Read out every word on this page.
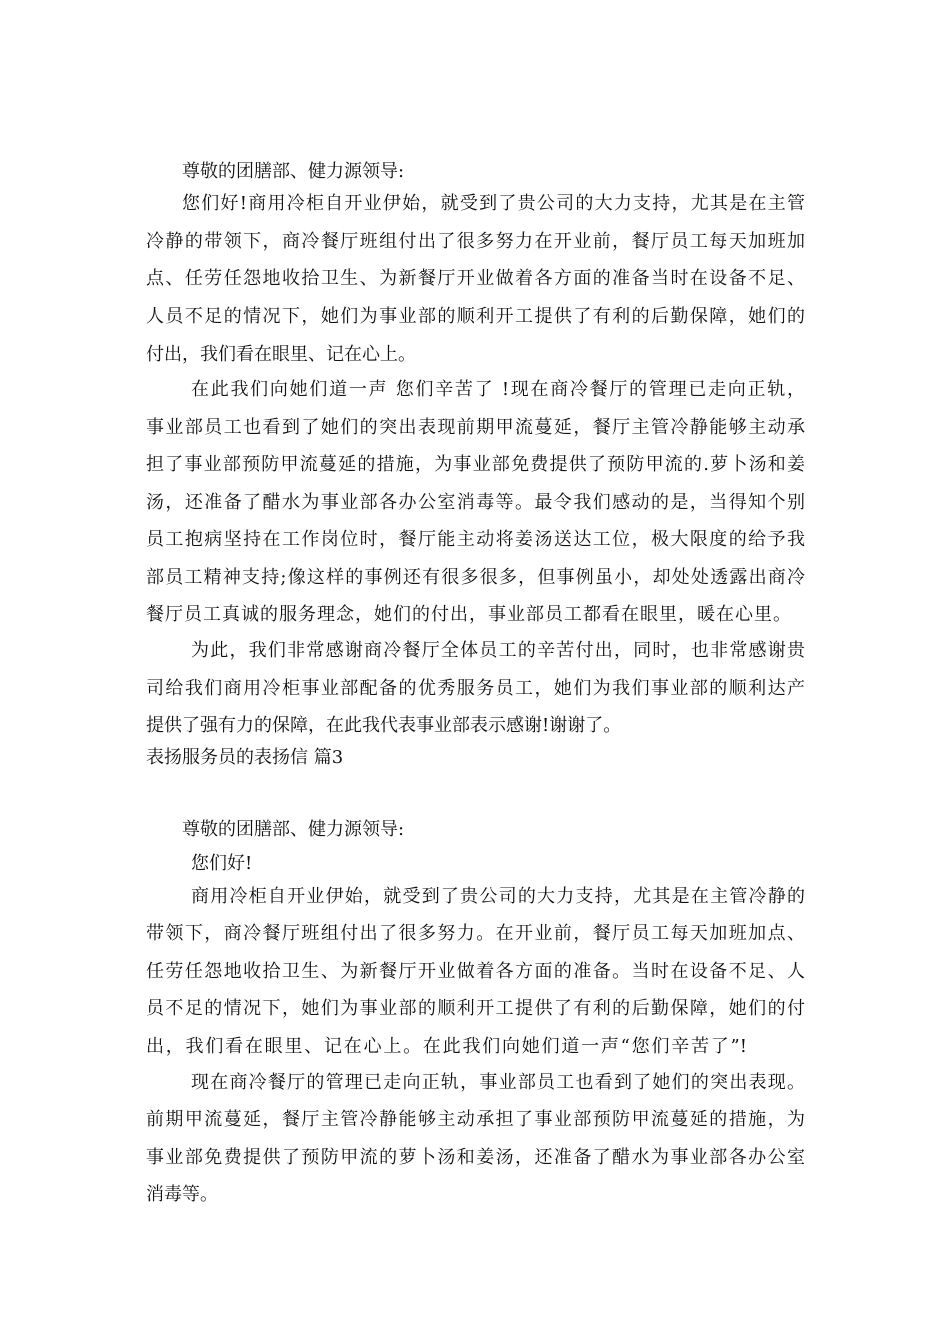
尊敬的团膳部、健力源领导:
您们好!商用冷柜自开业伊始，就受到了贵公司的大力支持，尤其是在主管
冷静的带领下，商冷餐厅班组付出了很多努力在开业前，餐厅员工每天加班加
点、任劳任怨地收拾卫生、为新餐厅开业做着各方面的准备当时在设备不足、
人员不足的情况下，她们为事业部的顺利开工提供了有利的后勤保障，她们的
付出，我们看在眼里、记在心上。
在此我们向她们道一声 您们辛苦了 !现在商冷餐厅的管理已走向正轨，
事业部员工也看到了她们的突出表现前期甲流蔓延，餐厅主管冷静能够主动承
担了事业部预防甲流蔓延的措施，为事业部免费提供了预防甲流的.萝卜汤和姜
汤，还准备了醋水为事业部各办公室消毒等。最令我们感动的是，当得知个别
员工抱病坚持在工作岗位时，餐厅能主动将姜汤送达工位，极大限度的给予我
部员工精神支持;像这样的事例还有很多很多，但事例虽小，却处处透露出商冷
餐厅员工真诚的服务理念，她们的付出，事业部员工都看在眼里，暖在心里。
为此，我们非常感谢商冷餐厅全体员工的辛苦付出，同时，也非常感谢贵
司给我们商用冷柜事业部配备的优秀服务员工，她们为我们事业部的顺利达产
提供了强有力的保障，在此我代表事业部表示感谢!谢谢了。
表扬服务员的表扬信 篇3
尊敬的团膳部、健力源领导:
您们好!
商用冷柜自开业伊始，就受到了贵公司的大力支持，尤其是在主管冷静的
带领下，商冷餐厅班组付出了很多努力。在开业前，餐厅员工每天加班加点、
任劳任怨地收拾卫生、为新餐厅开业做着各方面的准备。当时在设备不足、人
员不足的情况下，她们为事业部的顺利开工提供了有利的后勤保障，她们的付
出，我们看在眼里、记在心上。在此我们向她们道一声“您们辛苦了”!
现在商冷餐厅的管理已走向正轨，事业部员工也看到了她们的突出表现。
前期甲流蔓延，餐厅主管冷静能够主动承担了事业部预防甲流蔓延的措施，为
事业部免费提供了预防甲流的萝卜汤和姜汤，还准备了醋水为事业部各办公室
消毒等。
